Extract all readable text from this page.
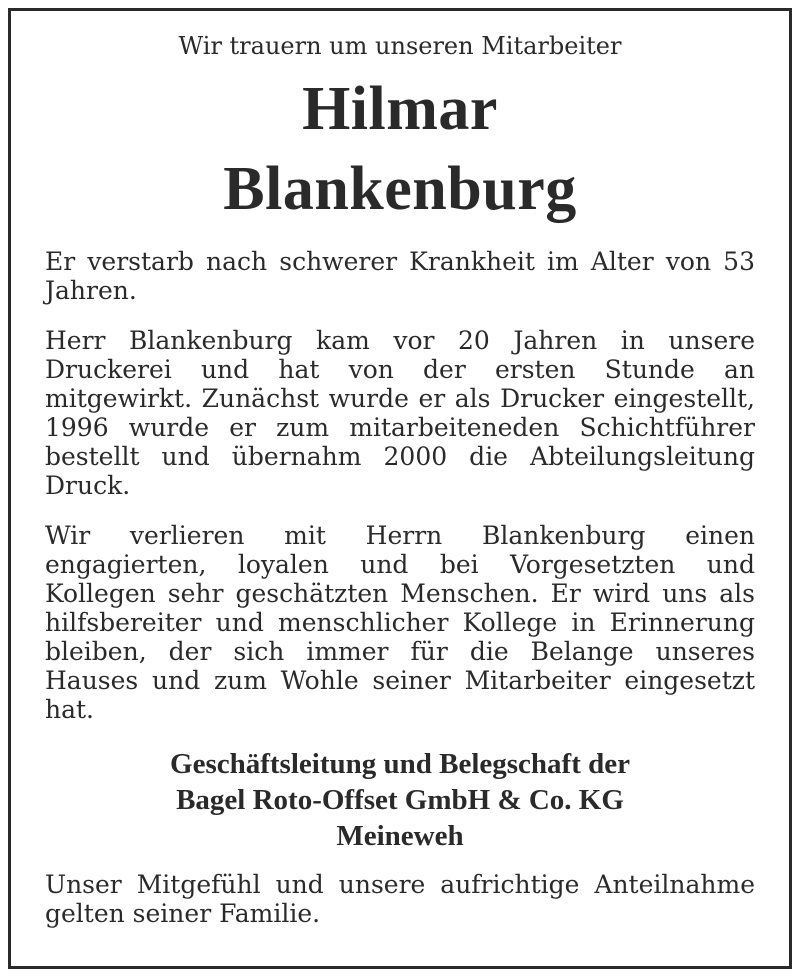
Wir trauern um unseren Mitarbeiter

Hilmar

Blankenburg

Er verstarb nach schwerer Krankheit im Alter von 53 Jahren.

Herr Blankenburg kam vor 20 Jahren in unsere Druckerei und hat von der ersten Stunde an mitgewirkt. Zunächst wurde er als Drucker eingestellt, 1996 wurde er zum mitarbeiteneden Schichtführer bestellt und übernahm 2000 die Abteilungsleitung Druck.

Wir verlieren mit Herrn Blankenburg einen engagierten, loyalen und bei Vorgesetzten und Kollegen sehr geschätzten Menschen. Er wird uns als hilfsbereiter und menschlicher Kollege in Erinnerung bleiben, der sich immer für die Belange unseres Hauses und zum Wohle seiner Mitarbeiter eingesetzt hat.

Geschäftsleitung und Belegschaft der

Bagel Roto-Offset GmbH & Co. KG

Meineweh

Unser Mitgefühl und unsere aufrichtige Anteilnahme gelten seiner Familie.
